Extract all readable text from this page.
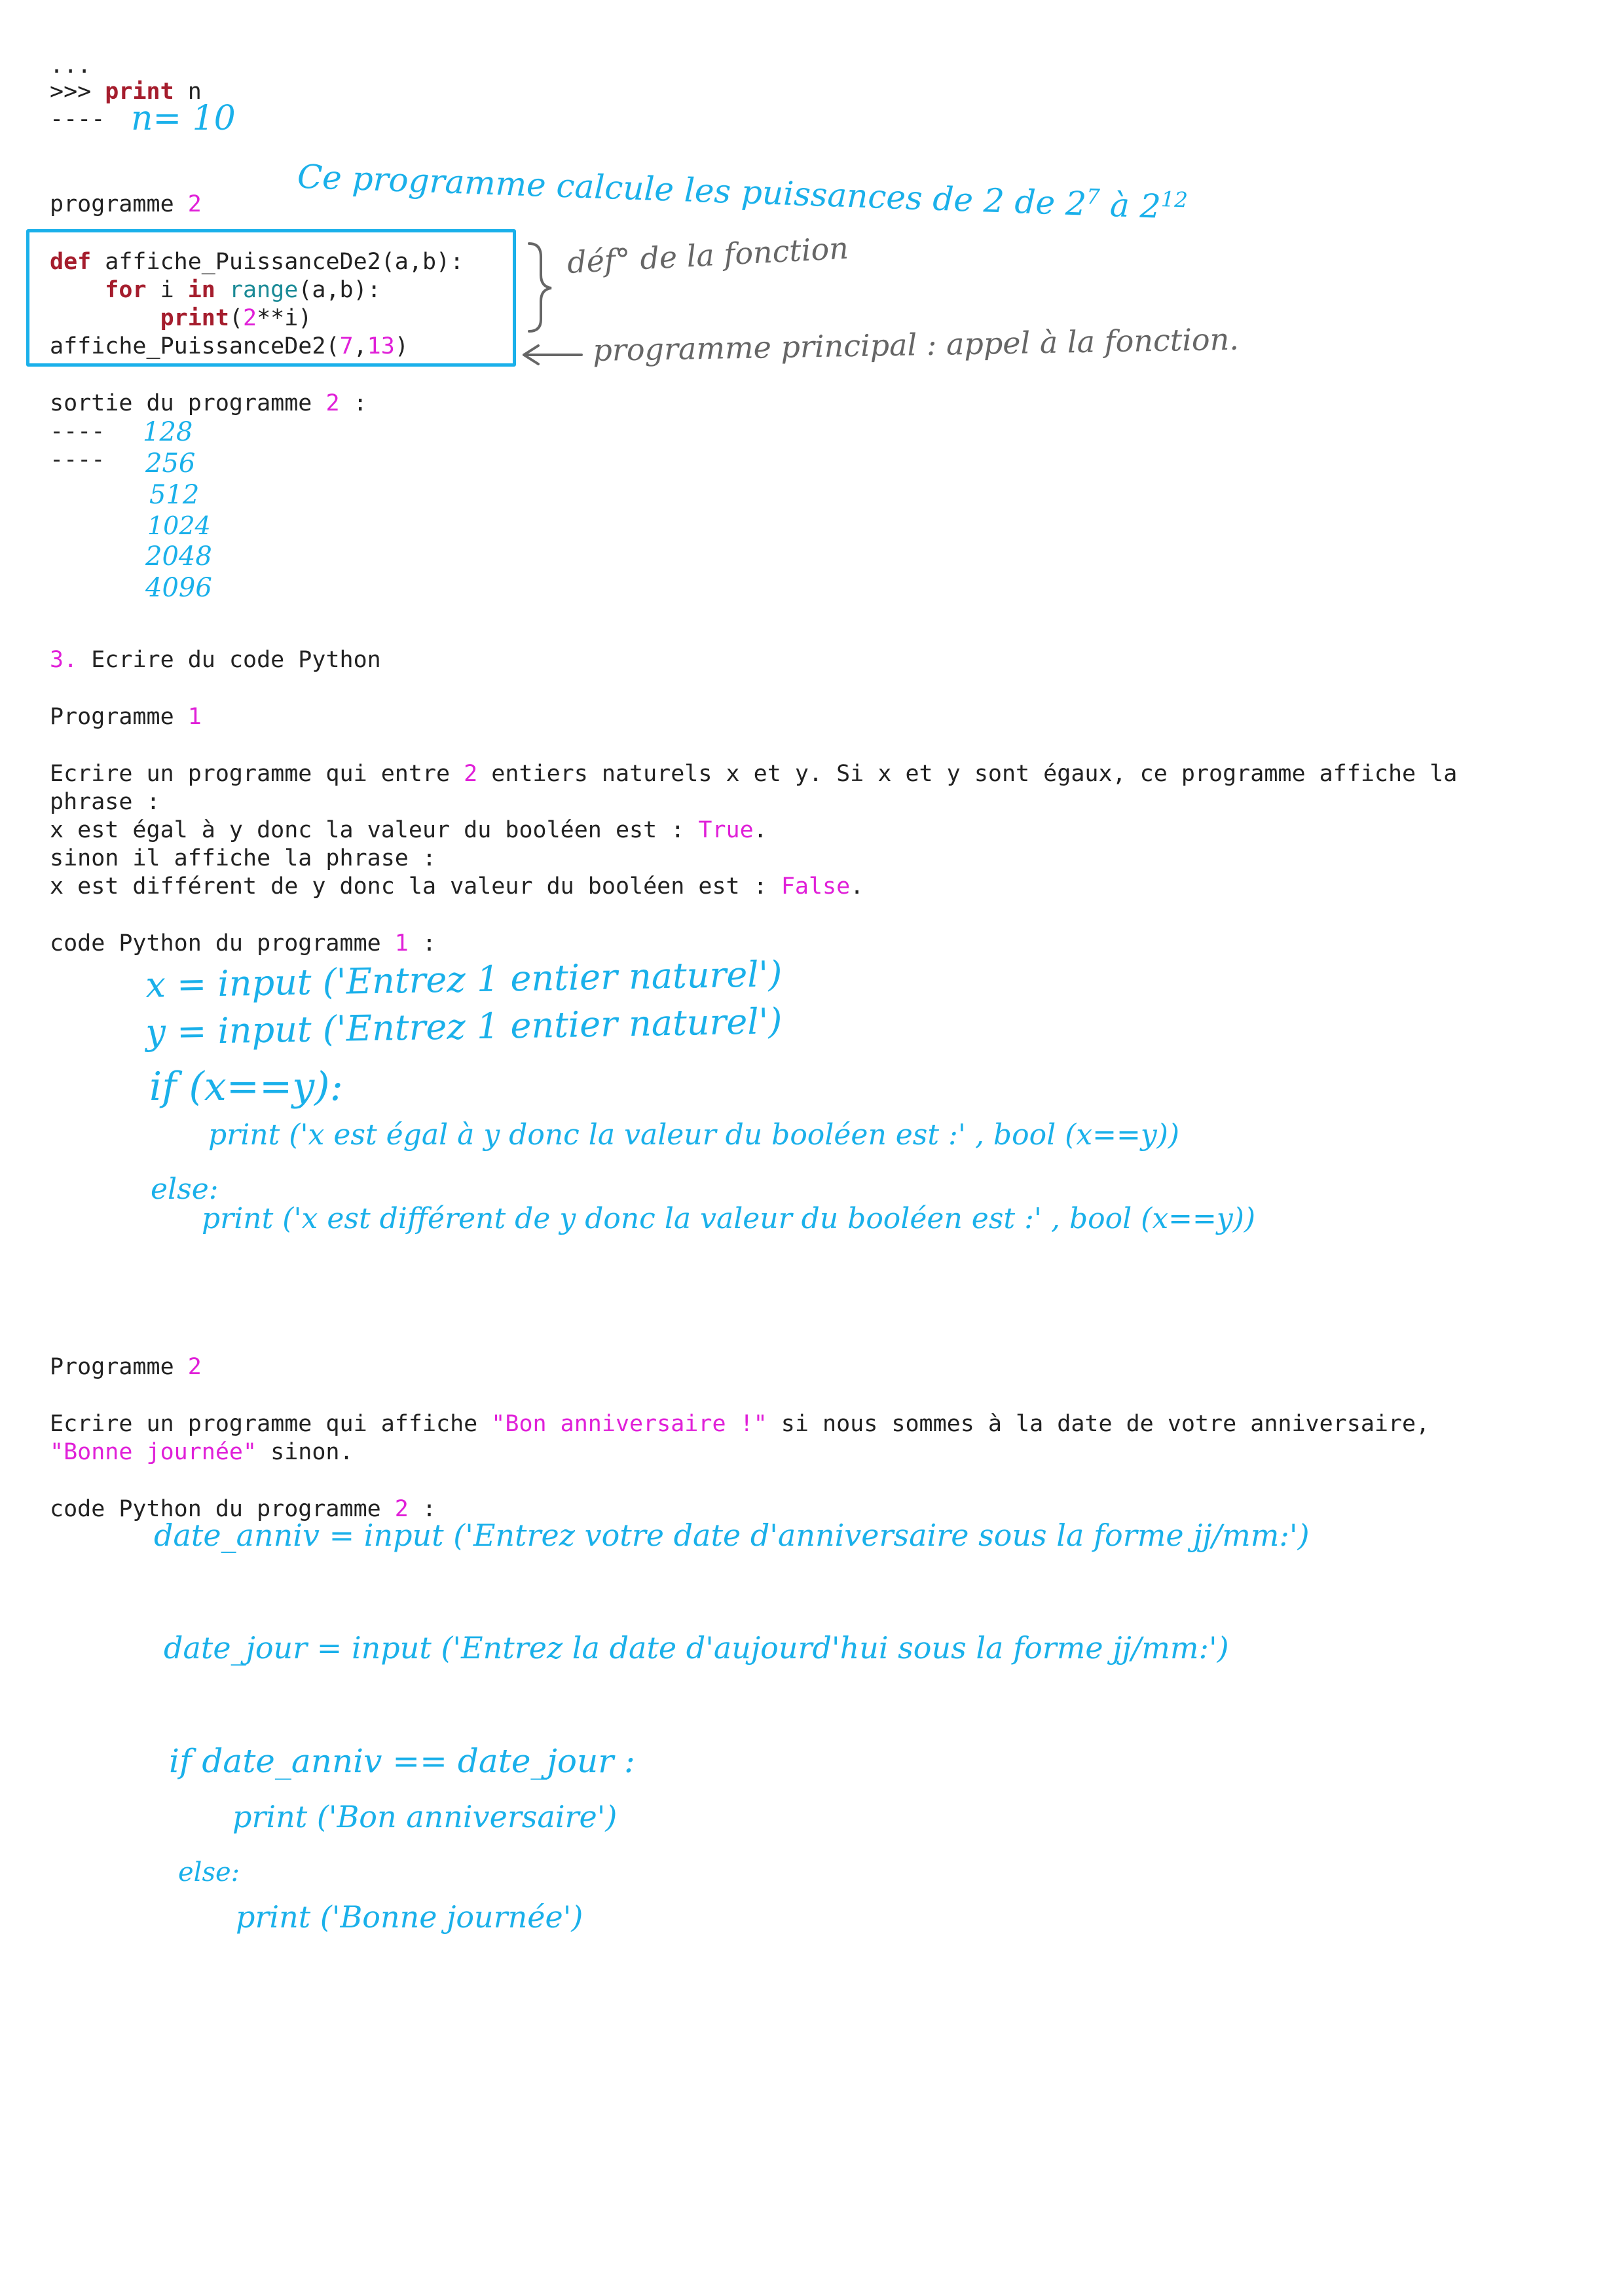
...
>>> print n
---- n= 10
programme 2	Ce programme calcule les puissances de 2 de $2^7$ à $2^{12}$
def affiche_PuissanceDe2(a,b):
for i in range(a,b):
print(2**i)
affiche_PuissanceDe2(7,13)
déf° de la fonction
programme principal : appel à la fonction.
sortie du programme 2 :
----
----
128
256
512
1024
2048
4096
3. Ecrire du code Python
Programme 1
Ecrire un programme qui entre 2 entiers naturels x et y. Si x et y sont égaux, ce programme affiche la
phrase :
x est égal à y donc la valeur du booléen est : True.
sinon il affiche la phrase :
x est différent de y donc la valeur du booléen est : False.
code Python du programme 1 :
x = input ('Entrez 1 entier naturel')
y = input ('Entrez 1 entier naturel')
if (x==y):
print ('x est égal à y donc la valeur du booléen est :' , bool (x==y))
else:
print ('x est différent de y donc la valeur du booléen est :' , bool (x==y))
Programme 2
Ecrire un programme qui affiche "Bon anniversaire !" si nous sommes à la date de votre anniversaire,
"Bonne journée" sinon.
code Python du programme 2 :
date_anniv = input ('Entrez votre date d'anniversaire sous la forme jj/mm:')
date_jour = input ('Entrez la date d'aujourd'hui sous la forme jj/mm:')
if date_anniv == date_jour :
print ('Bon anniversaire')
else:
print ('Bonne journée')
